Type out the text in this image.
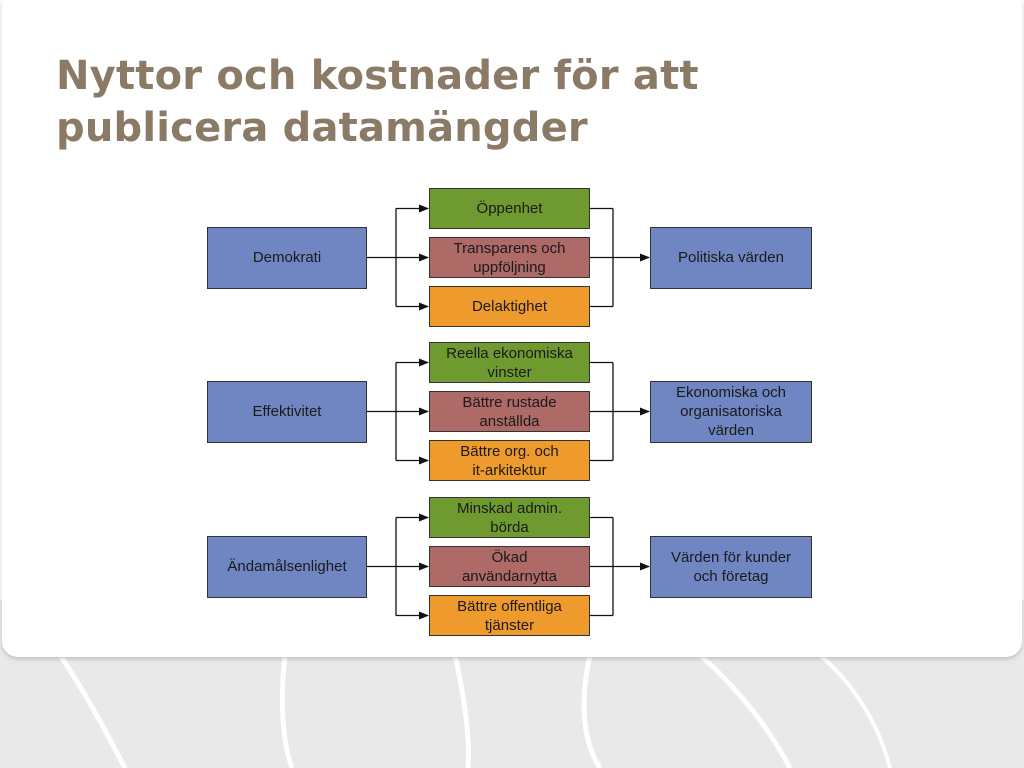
Nyttor och kostnader för att
publicera datamängder
Demokrati
Öppenhet
Transparens och
uppföljning
Delaktighet
Politiska värden
Effektivitet
Reella ekonomiska
vinster
Bättre rustade
anställda
Bättre org. och
it-arkitektur
Ekonomiska och
organisatoriska
värden
Ändamålsenlighet
Minskad admin.
börda
Ökad
användarnytta
Bättre offentliga
tjänster
Värden för kunder
och företag
